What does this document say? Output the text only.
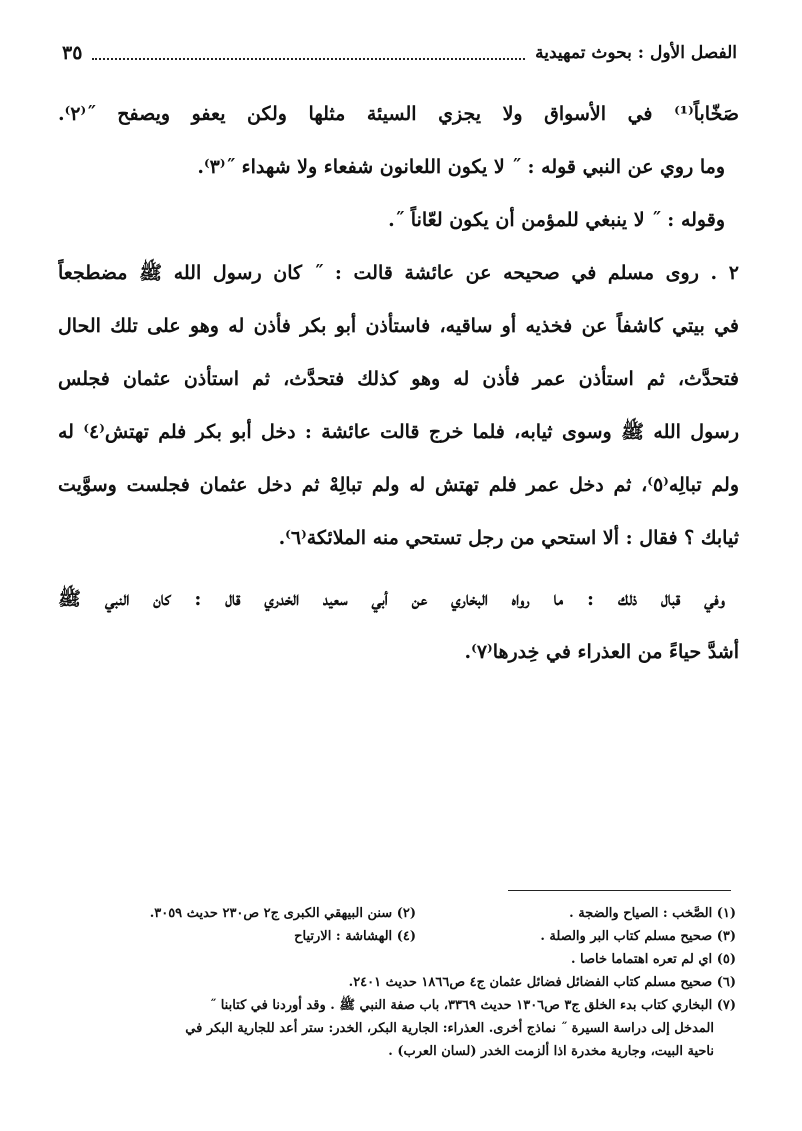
الفصل الأول : بحوث تمهيدية
٣٥
صَخّاباً⁽¹⁾ في الأسواق ولا يجزي السيئة مثلها ولكن يعفو ويصفح ˝⁽٢⁾.
وما روي عن النبي قوله : ˝ لا يكون اللعانون شفعاء ولا شهداء ˝⁽٣⁾.
وقوله : ˝ لا ينبغي للمؤمن أن يكون لعّاناً ˝.
٢ . روى مسلم في صحيحه عن عائشة قالت : ˝ كان رسول الله ﷺ مضطجعاً
في بيتي كاشفاً عن فخذيه أو ساقيه، فاستأذن أبو بكر فأذن له وهو على تلك الحال
فتحدَّث، ثم استأذن عمر فأذن له وهو كذلك فتحدَّث، ثم استأذن عثمان فجلس
رسول الله ﷺ وسوى ثيابه، فلما خرج قالت عائشة : دخل أبو بكر فلم تهتش⁽٤⁾ له
ولم تبالِه⁽٥⁾، ثم دخل عمر فلم تهتش له ولم تبالِهْ ثم دخل عثمان فجلست وسوَّيت
ثيابك ؟ فقال : ألا استحي من رجل تستحي منه الملائكة⁽٦⁾.
وفي قبال ذلك : ما رواه البخاري عن أبي سعيد الخدري قال : كان النبي ﷺ
أشدَّ حياءً من العذراء في خِدرها⁽٧⁾.
(١) الصَّخب : الصياح والضجة .
(٢) سنن البيهقي الكبرى ج٢ ص٢٣٠ حديث ٣٠٥٩.
(٣) صحيح مسلم كتاب البر والصلة .
(٤) الهشاشة : الارتياح
(٥) اي لم تعره اهتماما خاصا .
(٦) صحيح مسلم كتاب الفضائل فضائل عثمان ج٤ ص١٨٦٦ حديث ٢٤٠١.
(٧) البخاري كتاب بدء الخلق ج٣ ص١٣٠٦ حديث ٣٣٦٩، باب صفة النبي ﷺ . وقد أوردنا في كتابنا ˝
المدخل إلى دراسة السيرة ˝ نماذج أخرى. العذراء: الجارية البكر، الخدر: ستر أعد للجارية البكر في
ناحية البيت، وجارية مخدرة اذا ألزمت الخدر (لسان العرب) .
